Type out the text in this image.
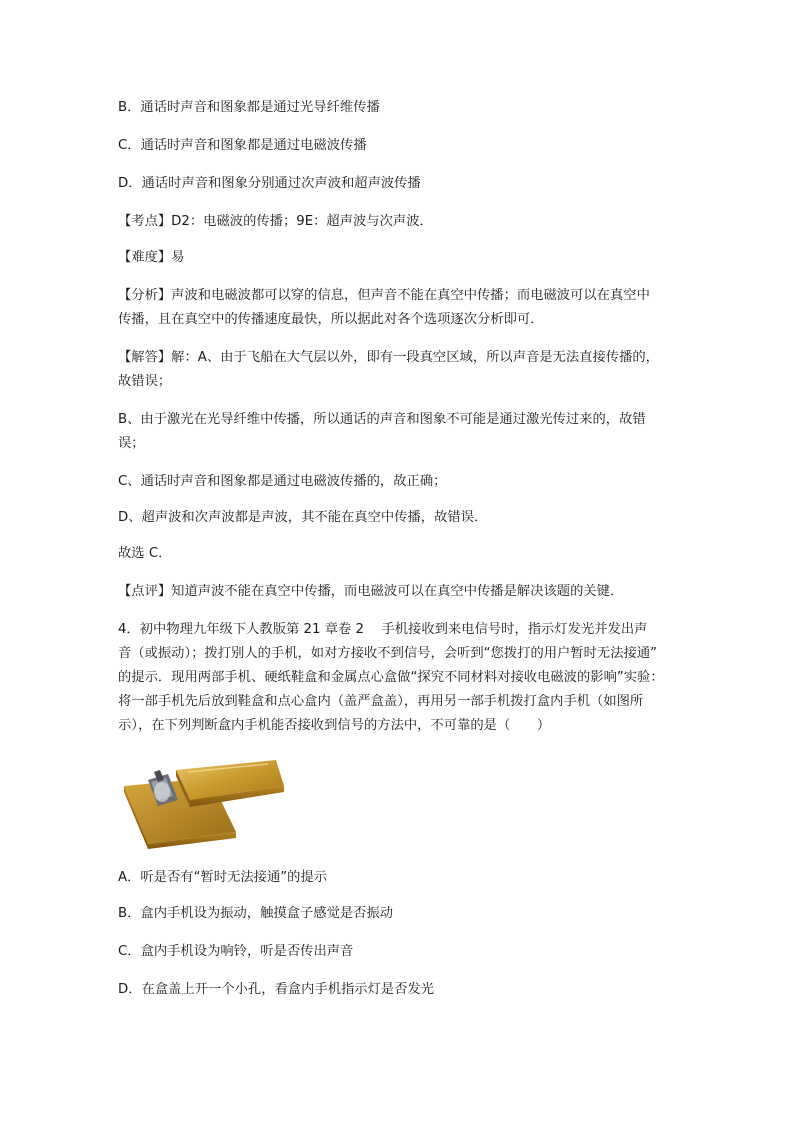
B．通话时声音和图象都是通过光导纤维传播
C．通话时声音和图象都是通过电磁波传播
D．通话时声音和图象分别通过次声波和超声波传播
【考点】D2：电磁波的传播；9E：超声波与次声波．
【难度】易
【分析】声波和电磁波都可以穿的信息，但声音不能在真空中传播；而电磁波可以在真空中
传播，且在真空中的传播速度最快，所以据此对各个选项逐次分析即可．
【解答】解：A、由于飞船在大气层以外，即有一段真空区域，所以声音是无法直接传播的，
故错误；
B、由于激光在光导纤维中传播，所以通话的声音和图象不可能是通过激光传过来的，故错
误；
C、通话时声音和图象都是通过电磁波传播的，故正确；
D、超声波和次声波都是声波，其不能在真空中传播，故错误．
故选 C．
【点评】知道声波不能在真空中传播，而电磁波可以在真空中传播是解决该题的关键．
4．初中物理九年级下人教版第 21 章卷 2　 手机接收到来电信号时，指示灯发光并发出声
音（或振动）；拨打别人的手机，如对方接收不到信号，会听到“您拨打的用户暂时无法接通”
的提示．现用两部手机、硬纸鞋盒和金属点心盒做“探究不同材料对接收电磁波的影响”实验：
将一部手机先后放到鞋盒和点心盒内（盖严盒盖），再用另一部手机拨打盒内手机（如图所
示），在下列判断盒内手机能否接收到信号的方法中，不可靠的是（　　）
A．听是否有“暂时无法接通”的提示
B．盒内手机设为振动，触摸盒子感觉是否振动
C．盒内手机设为响铃，听是否传出声音
D．在盒盖上开一个小孔，看盒内手机指示灯是否发光
